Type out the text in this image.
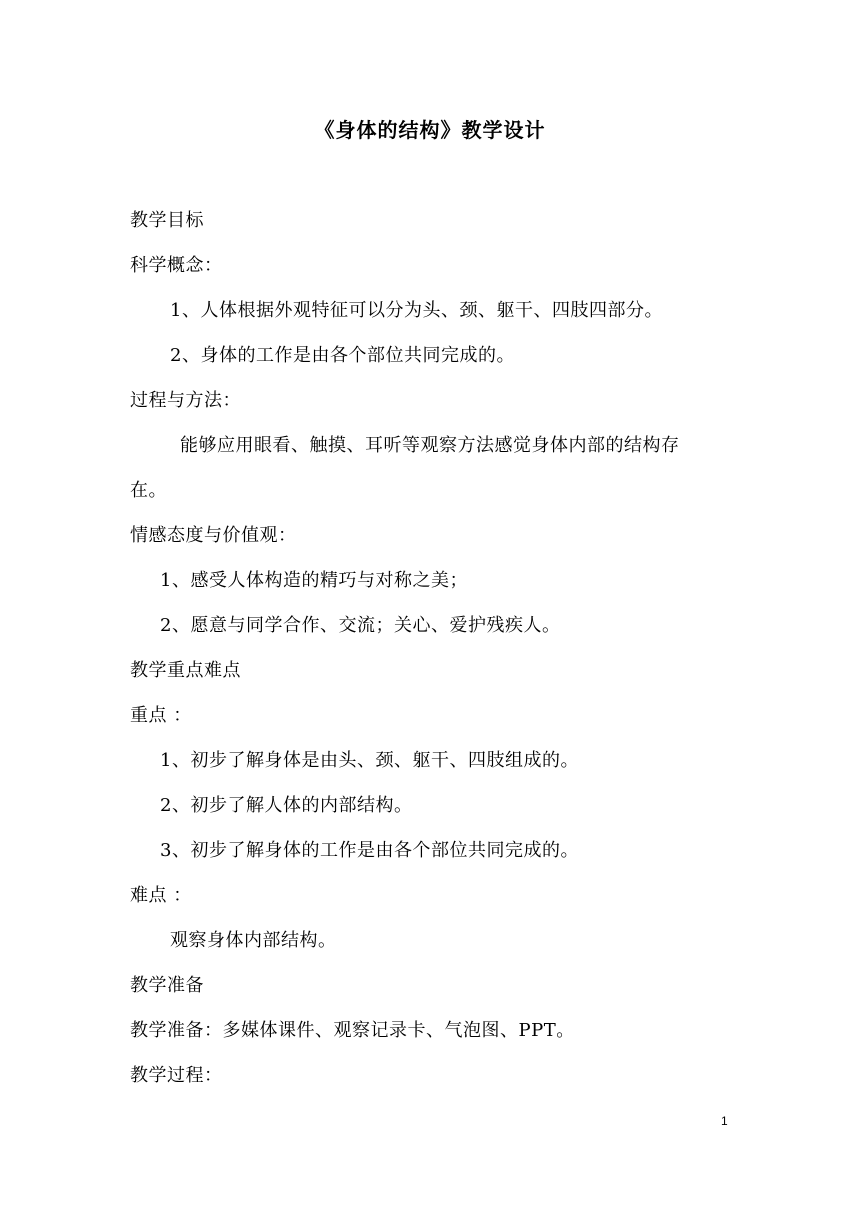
《身体的结构》教学设计
教学目标
科学概念：
1、人体根据外观特征可以分为头、颈、躯干、四肢四部分。
2、身体的工作是由各个部位共同完成的。
过程与方法：
能够应用眼看、触摸、耳听等观察方法感觉身体内部的结构存
在。
情感态度与价值观：
1、感受人体构造的精巧与对称之美；
2、愿意与同学合作、交流；关心、爱护残疾人。
教学重点难点
重点 ：
1、初步了解身体是由头、颈、躯干、四肢组成的。
2、初步了解人体的内部结构。
3、初步了解身体的工作是由各个部位共同完成的。
难点 ：
观察身体内部结构。
教学准备
教学准备：多媒体课件、观察记录卡、气泡图、PPT。
教学过程：
1
